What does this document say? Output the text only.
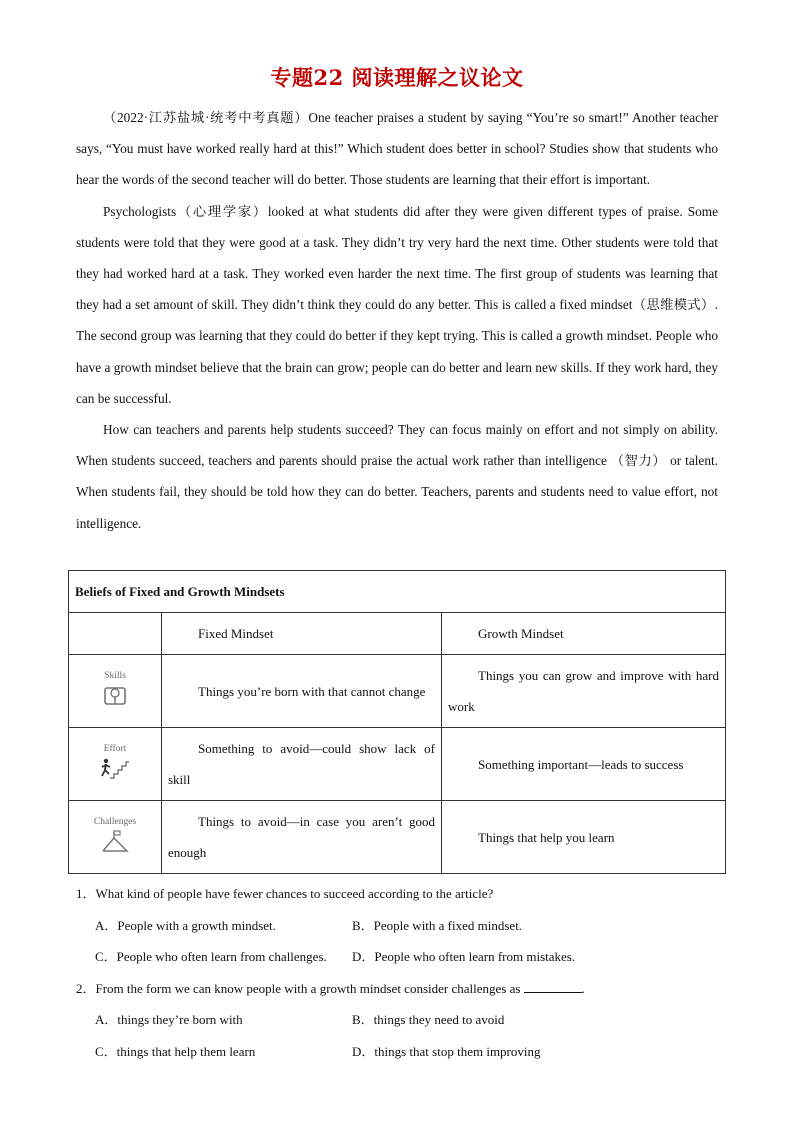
专题22 阅读理解之议论文

（2022·江苏盐城·统考中考真题）One teacher praises a student by saying “You’re so smart!” Another teacher says, “You must have worked really hard at this!” Which student does better in school? Studies show that students who hear the words of the second teacher will do better. Those students are learning that their effort is important.

Psychologists（心理学家）looked at what students did after they were given different types of praise. Some students were told that they were good at a task. They didn’t try very hard the next time. Other students were told that they had worked hard at a task. They worked even harder the next time. The first group of students was learning that they had a set amount of skill. They didn’t think they could do any better. This is called a fixed mindset（思维模式）. The second group was learning that they could do better if they kept trying. This is called a growth mindset. People who have a growth mindset believe that the brain can grow; people can do better and learn new skills. If they work hard, they can be successful.

How can teachers and parents help students succeed? They can focus mainly on effort and not simply on ability. When students succeed, teachers and parents should praise the actual work rather than intelligence （智力） or talent. When students fail, they should be told how they can do better. Teachers, parents and students need to value effort, not intelligence.

Beliefs of Fixed and Growth Mindsets		
	Fixed Mindset	Growth Mindset

Skills	Things you’re born with that cannot change	Things you can grow and improve with hard work

Effort	Something to avoid—could show lack of skill	Something important—leads to success

Challenges	Things to avoid—in case you aren’t good enough	Things that help you learn
1．What kind of people have fewer chances to succeed according to the article?
A．People with a growth mindset.	B．People with a fixed mindset.
C．People who often learn from challenges. D．People who often learn from mistakes.
2．From the form we can know people with a growth mindset consider challenges as	.
A．things they’re born with	B．things they need to avoid
C．things that help them learn	D．things that stop them improving
